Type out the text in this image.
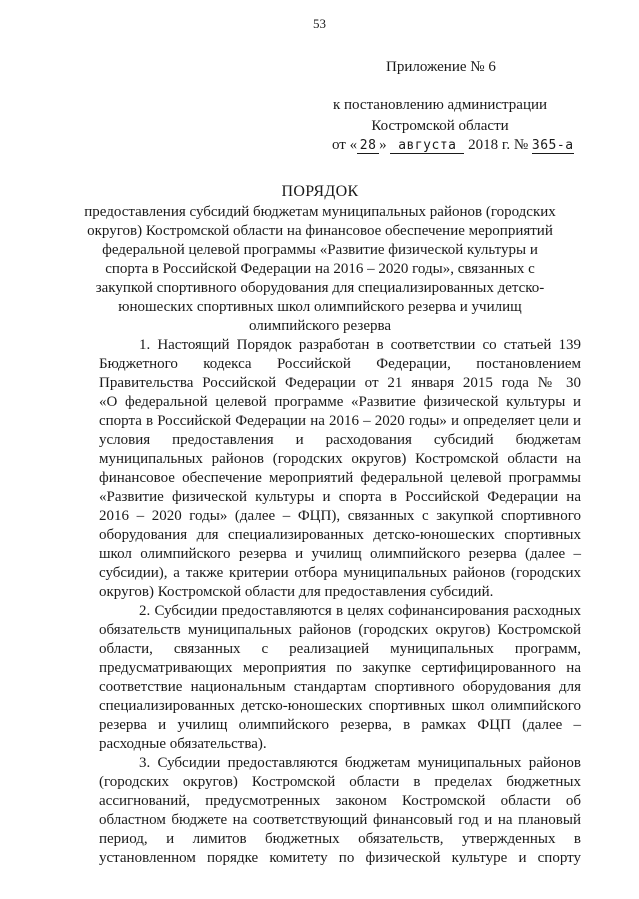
53
Приложение № 6
к постановлению администрации
Костромской области
от « 28 » августа 2018 г. № 365-а
ПОРЯДОК
предоставления субсидий бюджетам муниципальных районов (городских
округов) Костромской области на финансовое обеспечение мероприятий
федеральной целевой программы «Развитие физической культуры и
спорта в Российской Федерации на 2016 – 2020 годы», связанных с
закупкой спортивного оборудования для специализированных детско-
юношеских спортивных школ олимпийского резерва и училищ
олимпийского резерва
1. Настоящий Порядок разработан в соответствии со статьей 139
Бюджетного кодекса Российской Федерации, постановлением
Правительства Российской Федерации от 21 января 2015 года № 30
«О федеральной целевой программе «Развитие физической культуры и
спорта в Российской Федерации на 2016 – 2020 годы» и определяет цели и
условия предоставления и расходования субсидий бюджетам
муниципальных районов (городских округов) Костромской области на
финансовое обеспечение мероприятий федеральной целевой программы
«Развитие физической культуры и спорта в Российской Федерации на
2016 – 2020 годы» (далее – ФЦП), связанных с закупкой спортивного
оборудования для специализированных детско-юношеских спортивных
школ олимпийского резерва и училищ олимпийского резерва (далее –
субсидии), а также критерии отбора муниципальных районов (городских
округов) Костромской области для предоставления субсидий.
2. Субсидии предоставляются в целях софинансирования расходных
обязательств муниципальных районов (городских округов) Костромской
области, связанных с реализацией муниципальных программ,
предусматривающих мероприятия по закупке сертифицированного на
соответствие национальным стандартам спортивного оборудования для
специализированных детско-юношеских спортивных школ олимпийского
резерва и училищ олимпийского резерва, в рамках ФЦП (далее –
расходные обязательства).
3. Субсидии предоставляются бюджетам муниципальных районов
(городских округов) Костромской области в пределах бюджетных
ассигнований, предусмотренных законом Костромской области об
областном бюджете на соответствующий финансовый год и на плановый
период, и лимитов бюджетных обязательств, утвержденных в
установленном порядке комитету по физической культуре и спорту
